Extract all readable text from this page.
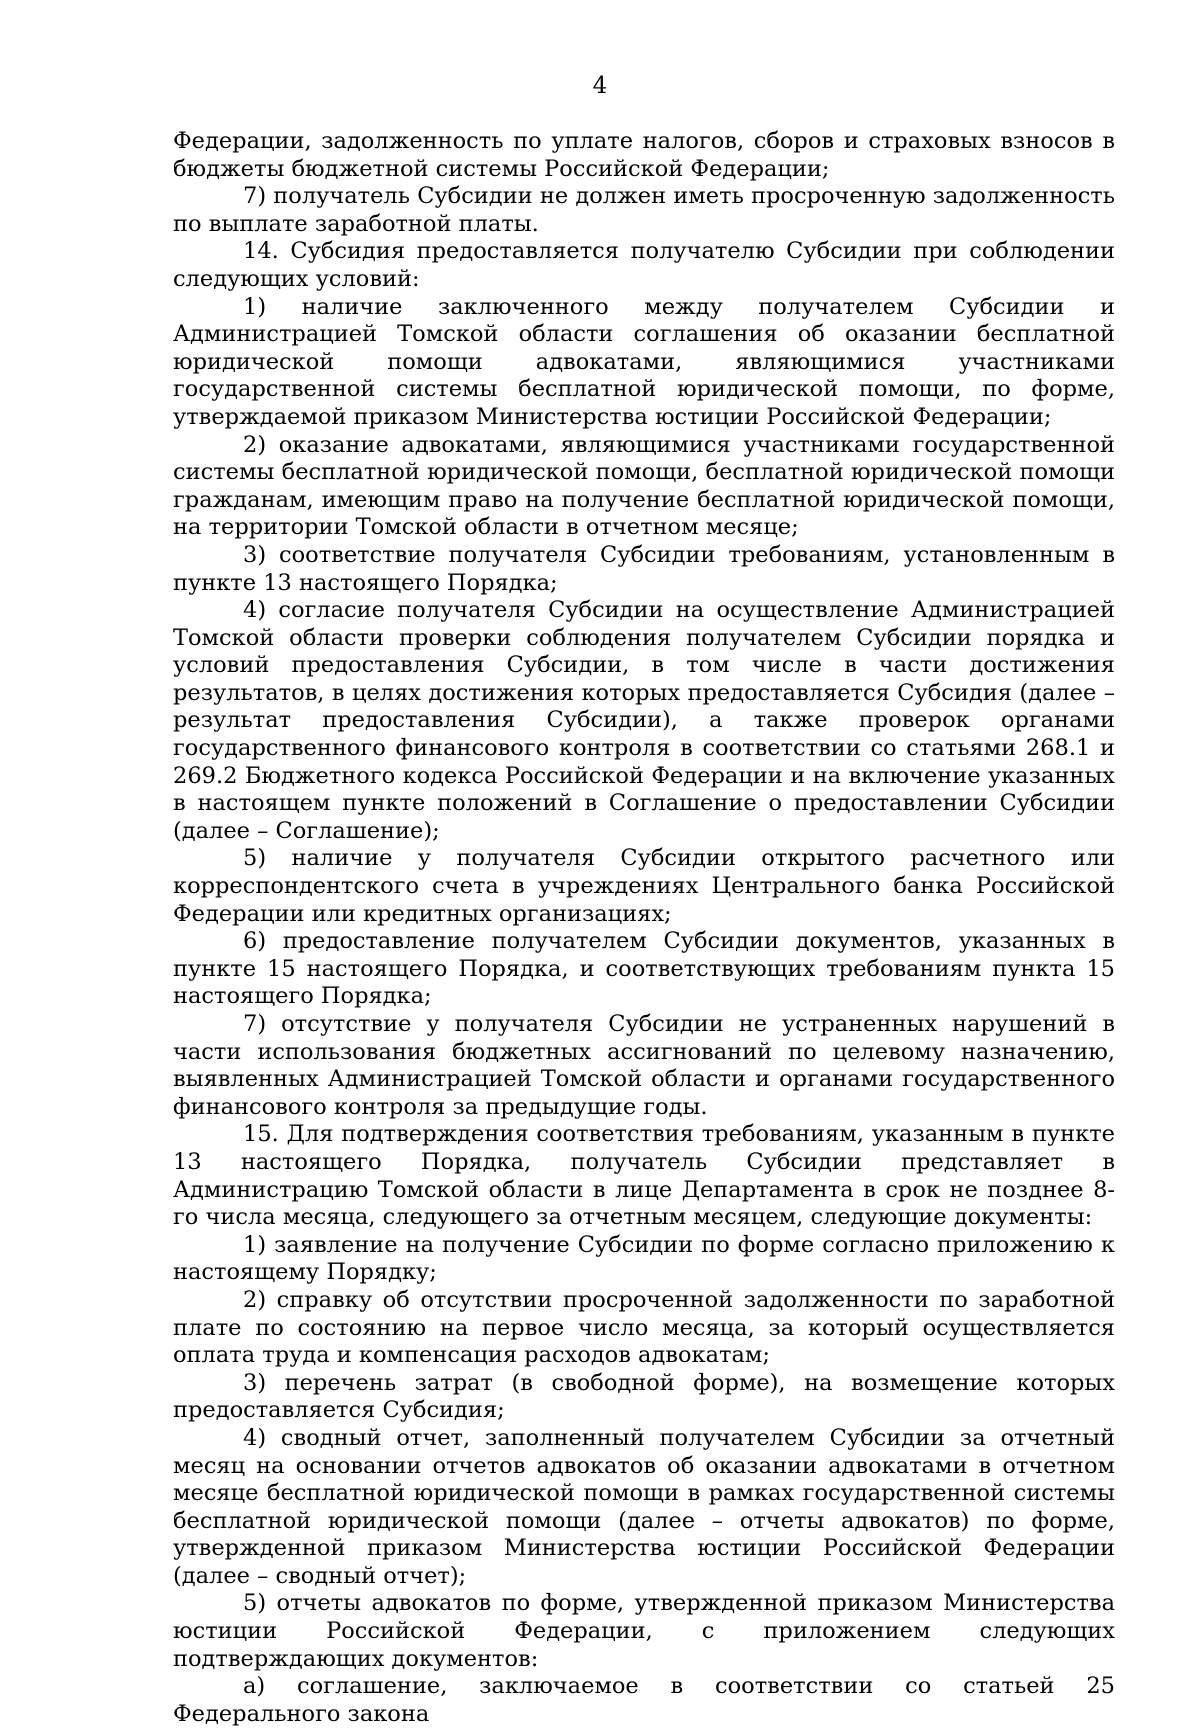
4

Федерации, задолженность по уплате налогов, сборов и страховых взносов в бюджеты бюджетной системы Российской Федерации;

7) получатель Субсидии не должен иметь просроченную задолженность по выплате заработной платы.

14. Субсидия предоставляется получателю Субсидии при соблюдении следующих условий:

1) наличие заключенного между получателем Субсидии и Администрацией Томской области соглашения об оказании бесплатной юридической помощи адвокатами, являющимися участниками государственной системы бесплатной юридической помощи, по форме, утверждаемой приказом Министерства юстиции Российской Федерации;

2) оказание адвокатами, являющимися участниками государственной системы бесплатной юридической помощи, бесплатной юридической помощи гражданам, имеющим право на получение бесплатной юридической помощи, на территории Томской области в отчетном месяце;

3) соответствие получателя Субсидии требованиям, установленным в пункте 13 настоящего Порядка;

4) согласие получателя Субсидии на осуществление Администрацией Томской области проверки соблюдения получателем Субсидии порядка и условий предоставления Субсидии, в том числе в части достижения результатов, в целях достижения которых предоставляется Субсидия (далее – результат предоставления Субсидии), а также проверок органами государственного финансового контроля в соответствии со статьями 268.1 и 269.2 Бюджетного кодекса Российской Федерации и на включение указанных в настоящем пункте положений в Соглашение о предоставлении Субсидии (далее – Соглашение);

5) наличие у получателя Субсидии открытого расчетного или корреспондентского счета в учреждениях Центрального банка Российской Федерации или кредитных организациях;

6) предоставление получателем Субсидии документов, указанных в пункте 15 настоящего Порядка, и соответствующих требованиям пункта 15 настоящего Порядка;

7) отсутствие у получателя Субсидии не устраненных нарушений в части использования бюджетных ассигнований по целевому назначению, выявленных Администрацией Томской области и органами государственного финансового контроля за предыдущие годы.

15. Для подтверждения соответствия требованиям, указанным в пункте 13 настоящего Порядка, получатель Субсидии представляет в Администрацию Томской области в лице Департамента в срок не позднее 8-го числа месяца, следующего за отчетным месяцем, следующие документы:

1) заявление на получение Субсидии по форме согласно приложению к настоящему Порядку;

2) справку об отсутствии просроченной задолженности по заработной плате по состоянию на первое число месяца, за который осуществляется оплата труда и компенсация расходов адвокатам;

3) перечень затрат (в свободной форме), на возмещение которых предоставляется Субсидия;

4) сводный отчет, заполненный получателем Субсидии за отчетный месяц на основании отчетов адвокатов об оказании адвокатами в отчетном месяце бесплатной юридической помощи в рамках государственной системы бесплатной юридической помощи (далее – отчеты адвокатов) по форме, утвержденной приказом Министерства юстиции Российской Федерации (далее – сводный отчет);

5) отчеты адвокатов по форме, утвержденной приказом Министерства юстиции Российской Федерации, с приложением следующих подтверждающих документов:

а) соглашение, заключаемое в соответствии со статьей 25 Федерального закона
